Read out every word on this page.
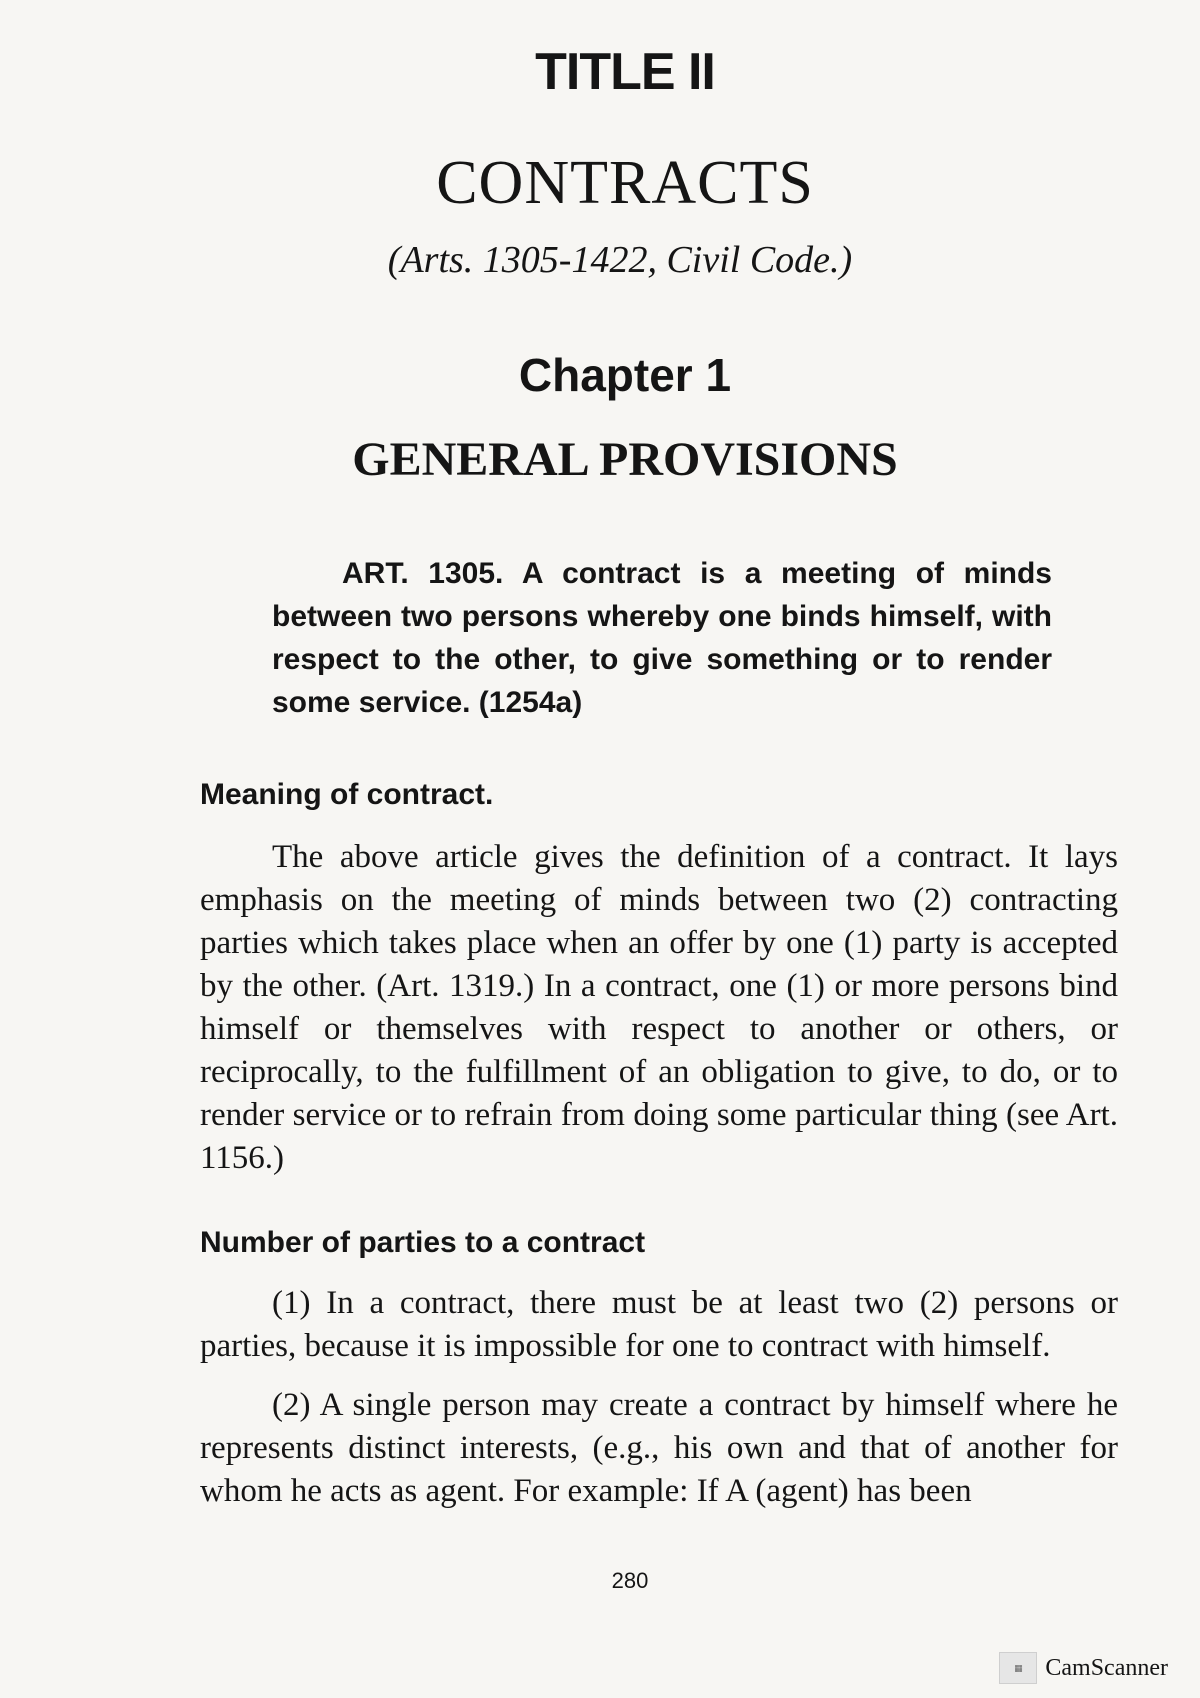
TITLE II
CONTRACTS
(Arts. 1305-1422, Civil Code.)
Chapter 1
GENERAL PROVISIONS
ART. 1305. A contract is a meeting of minds between two persons whereby one binds himself, with respect to the other, to give something or to render some service. (1254a)
Meaning of contract.
The above article gives the definition of a contract. It lays emphasis on the meeting of minds between two (2) contracting parties which takes place when an offer by one (1) party is accepted by the other. (Art. 1319.) In a contract, one (1) or more persons bind himself or themselves with respect to another or others, or reciprocally, to the fulfillment of an obligation to give, to do, or to render service or to refrain from doing some particular thing (see Art. 1156.)
Number of parties to a contract
(1) In a contract, there must be at least two (2) persons or parties, because it is impossible for one to contract with himself.
(2) A single person may create a contract by himself where he represents distinct interests, (e.g., his own and that of another for whom he acts as agent. For example: If A (agent) has been
280
▦ CamScanner
